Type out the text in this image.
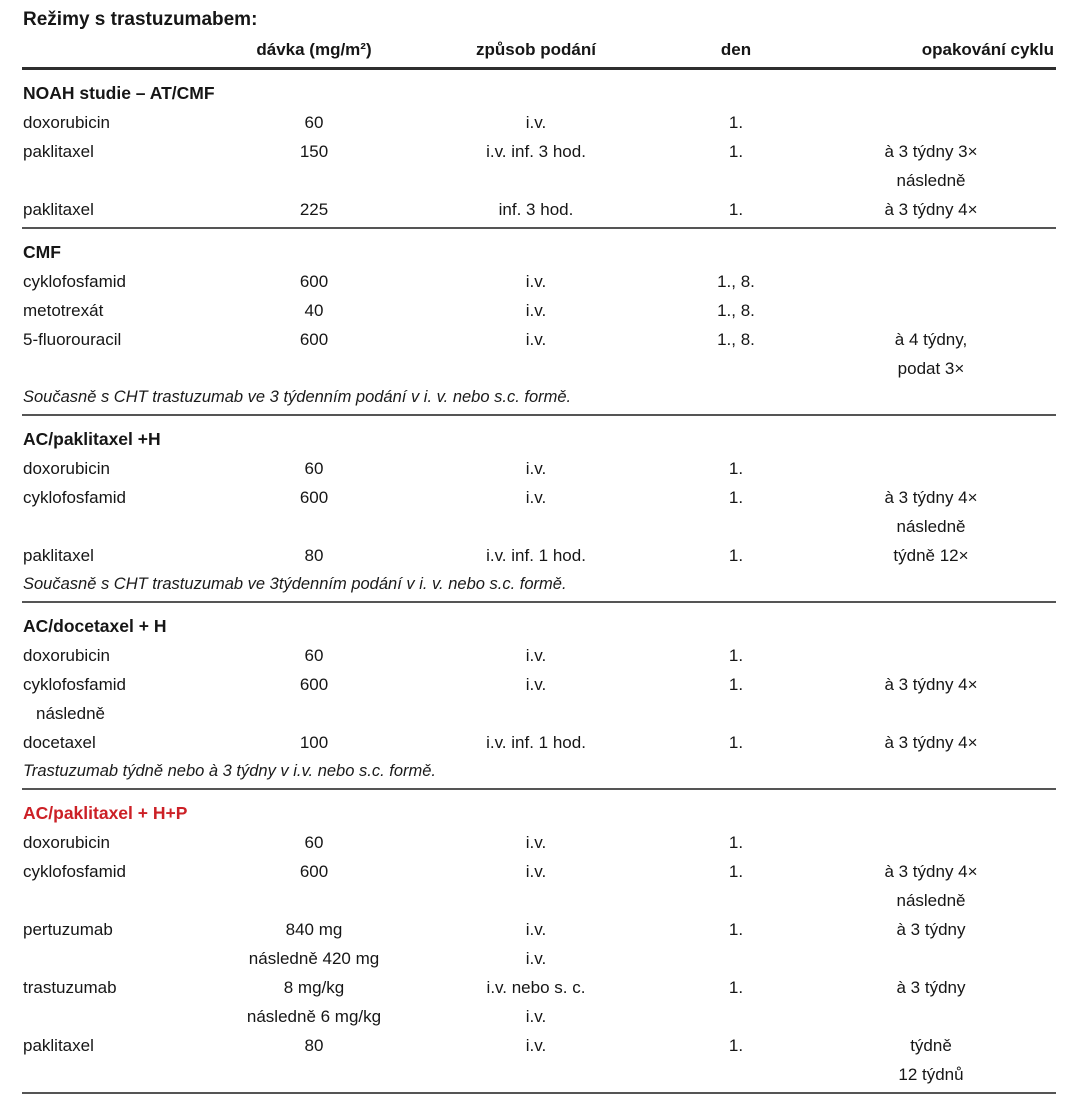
Režimy s trastuzumabem:
dávka (mg/m²)	způsob podání	den	opakování cyklu
NOAH studie – AT/CMF
doxorubicin	60	i.v.	1.
paklitaxel	150	i.v. inf. 3 hod.	1.	à 3 týdny 3×
následně
paklitaxel	225	inf. 3 hod.	1.	à 3 týdny 4×
CMF
cyklofosfamid	600	i.v.	1., 8.
metotrexát	40	i.v.	1., 8.
5-fluorouracil	600	i.v.	1., 8.	à 4 týdny,
podat 3×
Současně s CHT trastuzumab ve 3 týdenním podání v i. v. nebo s.c. formě.
AC/paklitaxel +H
doxorubicin	60	i.v.	1.
cyklofosfamid	600	i.v.	1.	à 3 týdny 4×
následně
paklitaxel	80	i.v. inf. 1 hod.	1.	týdně 12×
Současně s CHT trastuzumab ve 3týdenním podání v i. v. nebo s.c. formě.
AC/docetaxel + H
doxorubicin	60	i.v.	1.
cyklofosfamid	600	i.v.	1.	à 3 týdny 4×
následně
docetaxel	100	i.v. inf. 1 hod.	1.	à 3 týdny 4×
Trastuzumab týdně nebo à 3 týdny v i.v. nebo s.c. formě.
AC/paklitaxel + H+P
doxorubicin	60	i.v.	1.
cyklofosfamid	600	i.v.	1.	à 3 týdny 4×
následně
pertuzumab	840 mg	i.v.	1.	à 3 týdny
následně 420 mg	i.v.
trastuzumab	8 mg/kg	i.v. nebo s. c.	1.	à 3 týdny
následně 6 mg/kg	i.v.
paklitaxel	80	i.v.	1.	týdně
12 týdnů
